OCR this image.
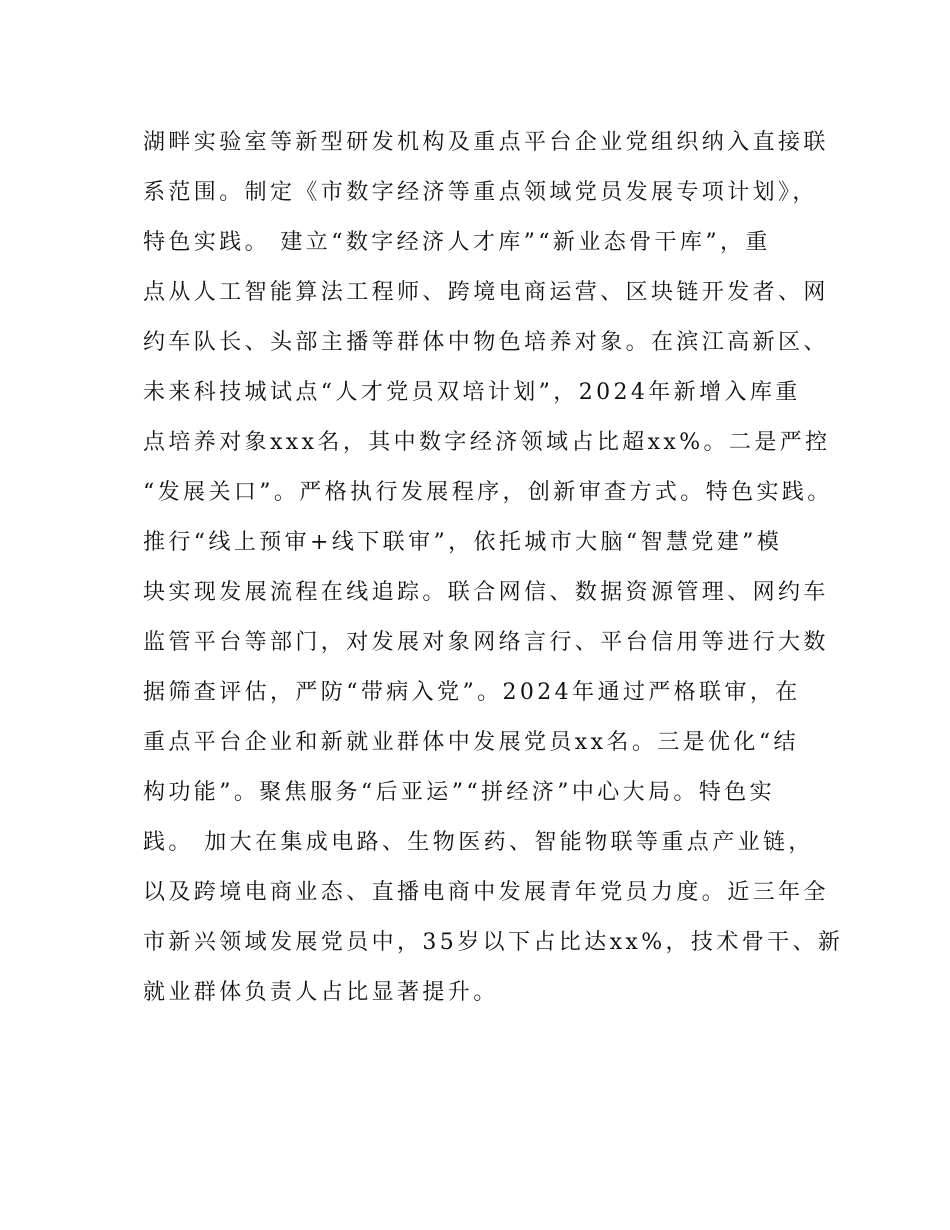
湖畔实验室等新型研发机构及重点平台企业党组织纳入直接联
系范围。制定《市数字经济等重点领域党员发展专项计划》，
特色实践。 建立“数字经济人才库”“新业态骨干库”，重
点从人工智能算法工程师、跨境电商运营、区块链开发者、网
约车队长、头部主播等群体中物色培养对象。在滨江高新区、
未来科技城试点“人才党员双培计划”，2024年新增入库重
点培养对象xxx名，其中数字经济领域占比超xx%。二是严控
“发展关口”。严格执行发展程序，创新审查方式。特色实践。
推行“线上预审+线下联审”，依托城市大脑“智慧党建”模
块实现发展流程在线追踪。联合网信、数据资源管理、网约车
监管平台等部门，对发展对象网络言行、平台信用等进行大数
据筛查评估，严防“带病入党”。2024年通过严格联审，在
重点平台企业和新就业群体中发展党员xx名。三是优化“结
构功能”。聚焦服务“后亚运”“拼经济”中心大局。特色实
践。 加大在集成电路、生物医药、智能物联等重点产业链，
以及跨境电商业态、直播电商中发展青年党员力度。近三年全
市新兴领域发展党员中，35岁以下占比达xx%，技术骨干、新
就业群体负责人占比显著提升。
